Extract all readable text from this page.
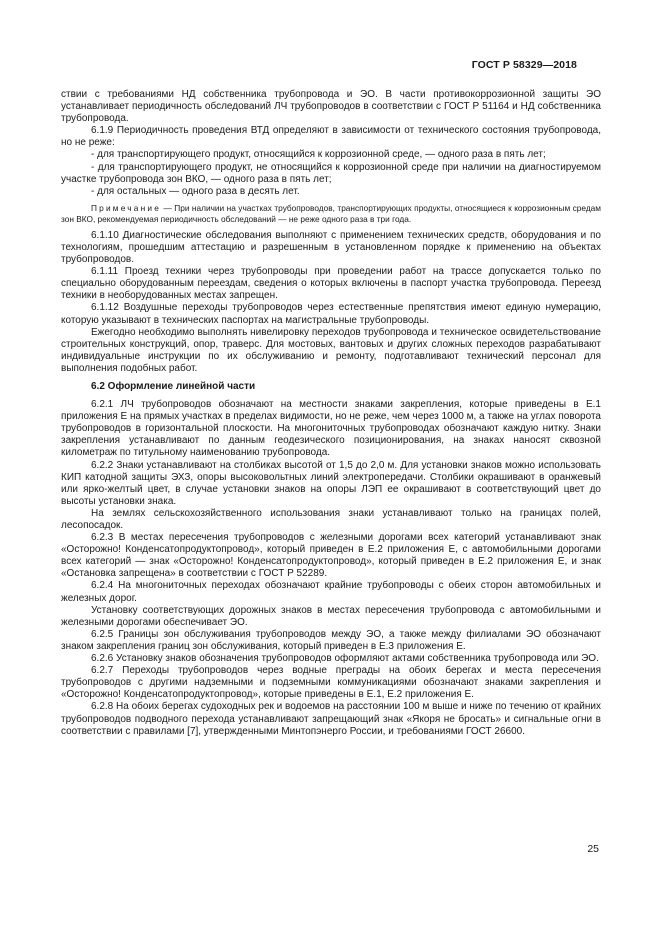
ГОСТ Р 58329—2018

ствии с требованиями НД собственника трубопровода и ЭО. В части противокоррозионной защиты ЭО устанавливает периодичность обследований ЛЧ трубопроводов в соответствии с ГОСТ Р 51164 и НД собственника трубопровода.

6.1.9 Периодичность проведения ВТД определяют в зависимости от технического состояния трубопровода, но не реже:

- для транспортирующего продукт, относящийся к коррозионной среде, — одного раза в пять лет;

- для транспортирующего продукт, не относящийся к коррозионной среде при наличии на диагностируемом участке трубопровода зон ВКО, — одного раза в пять лет;

- для остальных — одного раза в десять лет.

Примечание — При наличии на участках трубопроводов, транспортирующих продукты, относящиеся к коррозионным средам зон ВКО, рекомендуемая периодичность обследований — не реже одного раза в три года.

6.1.10 Диагностические обследования выполняют с применением технических средств, оборудования и по технологиям, прошедшим аттестацию и разрешенным в установленном порядке к применению на объектах трубопроводов.

6.1.11 Проезд техники через трубопроводы при проведении работ на трассе допускается только по специально оборудованным переездам, сведения о которых включены в паспорт участка трубопровода. Переезд техники в необорудованных местах запрещен.

6.1.12 Воздушные переходы трубопроводов через естественные препятствия имеют единую нумерацию, которую указывают в технических паспортах на магистральные трубопроводы.

Ежегодно необходимо выполнять нивелировку переходов трубопровода и техническое освидетельствование строительных конструкций, опор, траверс. Для мостовых, вантовых и других сложных переходов разрабатывают индивидуальные инструкции по их обслуживанию и ремонту, подготавливают технический персонал для выполнения подобных работ.

6.2 Оформление линейной части

6.2.1 ЛЧ трубопроводов обозначают на местности знаками закрепления, которые приведены в Е.1 приложения Е на прямых участках в пределах видимости, но не реже, чем через 1000 м, а также на углах поворота трубопроводов в горизонтальной плоскости. На многониточных трубопроводах обозначают каждую нитку. Знаки закрепления устанавливают по данным геодезического позиционирования, на знаках наносят сквозной километраж по титульному наименованию трубопровода.

6.2.2 Знаки устанавливают на столбиках высотой от 1,5 до 2,0 м. Для установки знаков можно использовать КИП катодной защиты ЭХЗ, опоры высоковольтных линий электропередачи. Столбики окрашивают в оранжевый или ярко-желтый цвет, в случае установки знаков на опоры ЛЭП ее окрашивают в соответствующий цвет до высоты установки знака.

На землях сельскохозяйственного использования знаки устанавливают только на границах полей, лесопосадок.

6.2.3 В местах пересечения трубопроводов с железными дорогами всех категорий устанавливают знак «Осторожно! Конденсатопродуктопровод», который приведен в Е.2 приложения Е, с автомобильными дорогами всех категорий — знак «Осторожно! Конденсатопродуктопровод», который приведен в Е.2 приложения Е, и знак «Остановка запрещена» в соответствии с ГОСТ Р 52289.

6.2.4 На многониточных переходах обозначают крайние трубопроводы с обеих сторон автомобильных и железных дорог.

Установку соответствующих дорожных знаков в местах пересечения трубопровода с автомобильными и железными дорогами обеспечивает ЭО.

6.2.5 Границы зон обслуживания трубопроводов между ЭО, а также между филиалами ЭО обозначают знаком закрепления границ зон обслуживания, который приведен в Е.3 приложения Е.

6.2.6 Установку знаков обозначения трубопроводов оформляют актами собственника трубопровода или ЭО.

6.2.7 Переходы трубопроводов через водные преграды на обоих берегах и места пересечения трубопроводов с другими надземными и подземными коммуникациями обозначают знаками закрепления и «Осторожно! Конденсатопродуктопровод», которые приведены в Е.1, Е.2 приложения Е.

6.2.8 На обоих берегах судоходных рек и водоемов на расстоянии 100 м выше и ниже по течению от крайних трубопроводов подводного перехода устанавливают запрещающий знак «Якоря не бросать» и сигнальные огни в соответствии с правилами [7], утвержденными Минтопэнерго России, и требованиями ГОСТ 26600.

25
